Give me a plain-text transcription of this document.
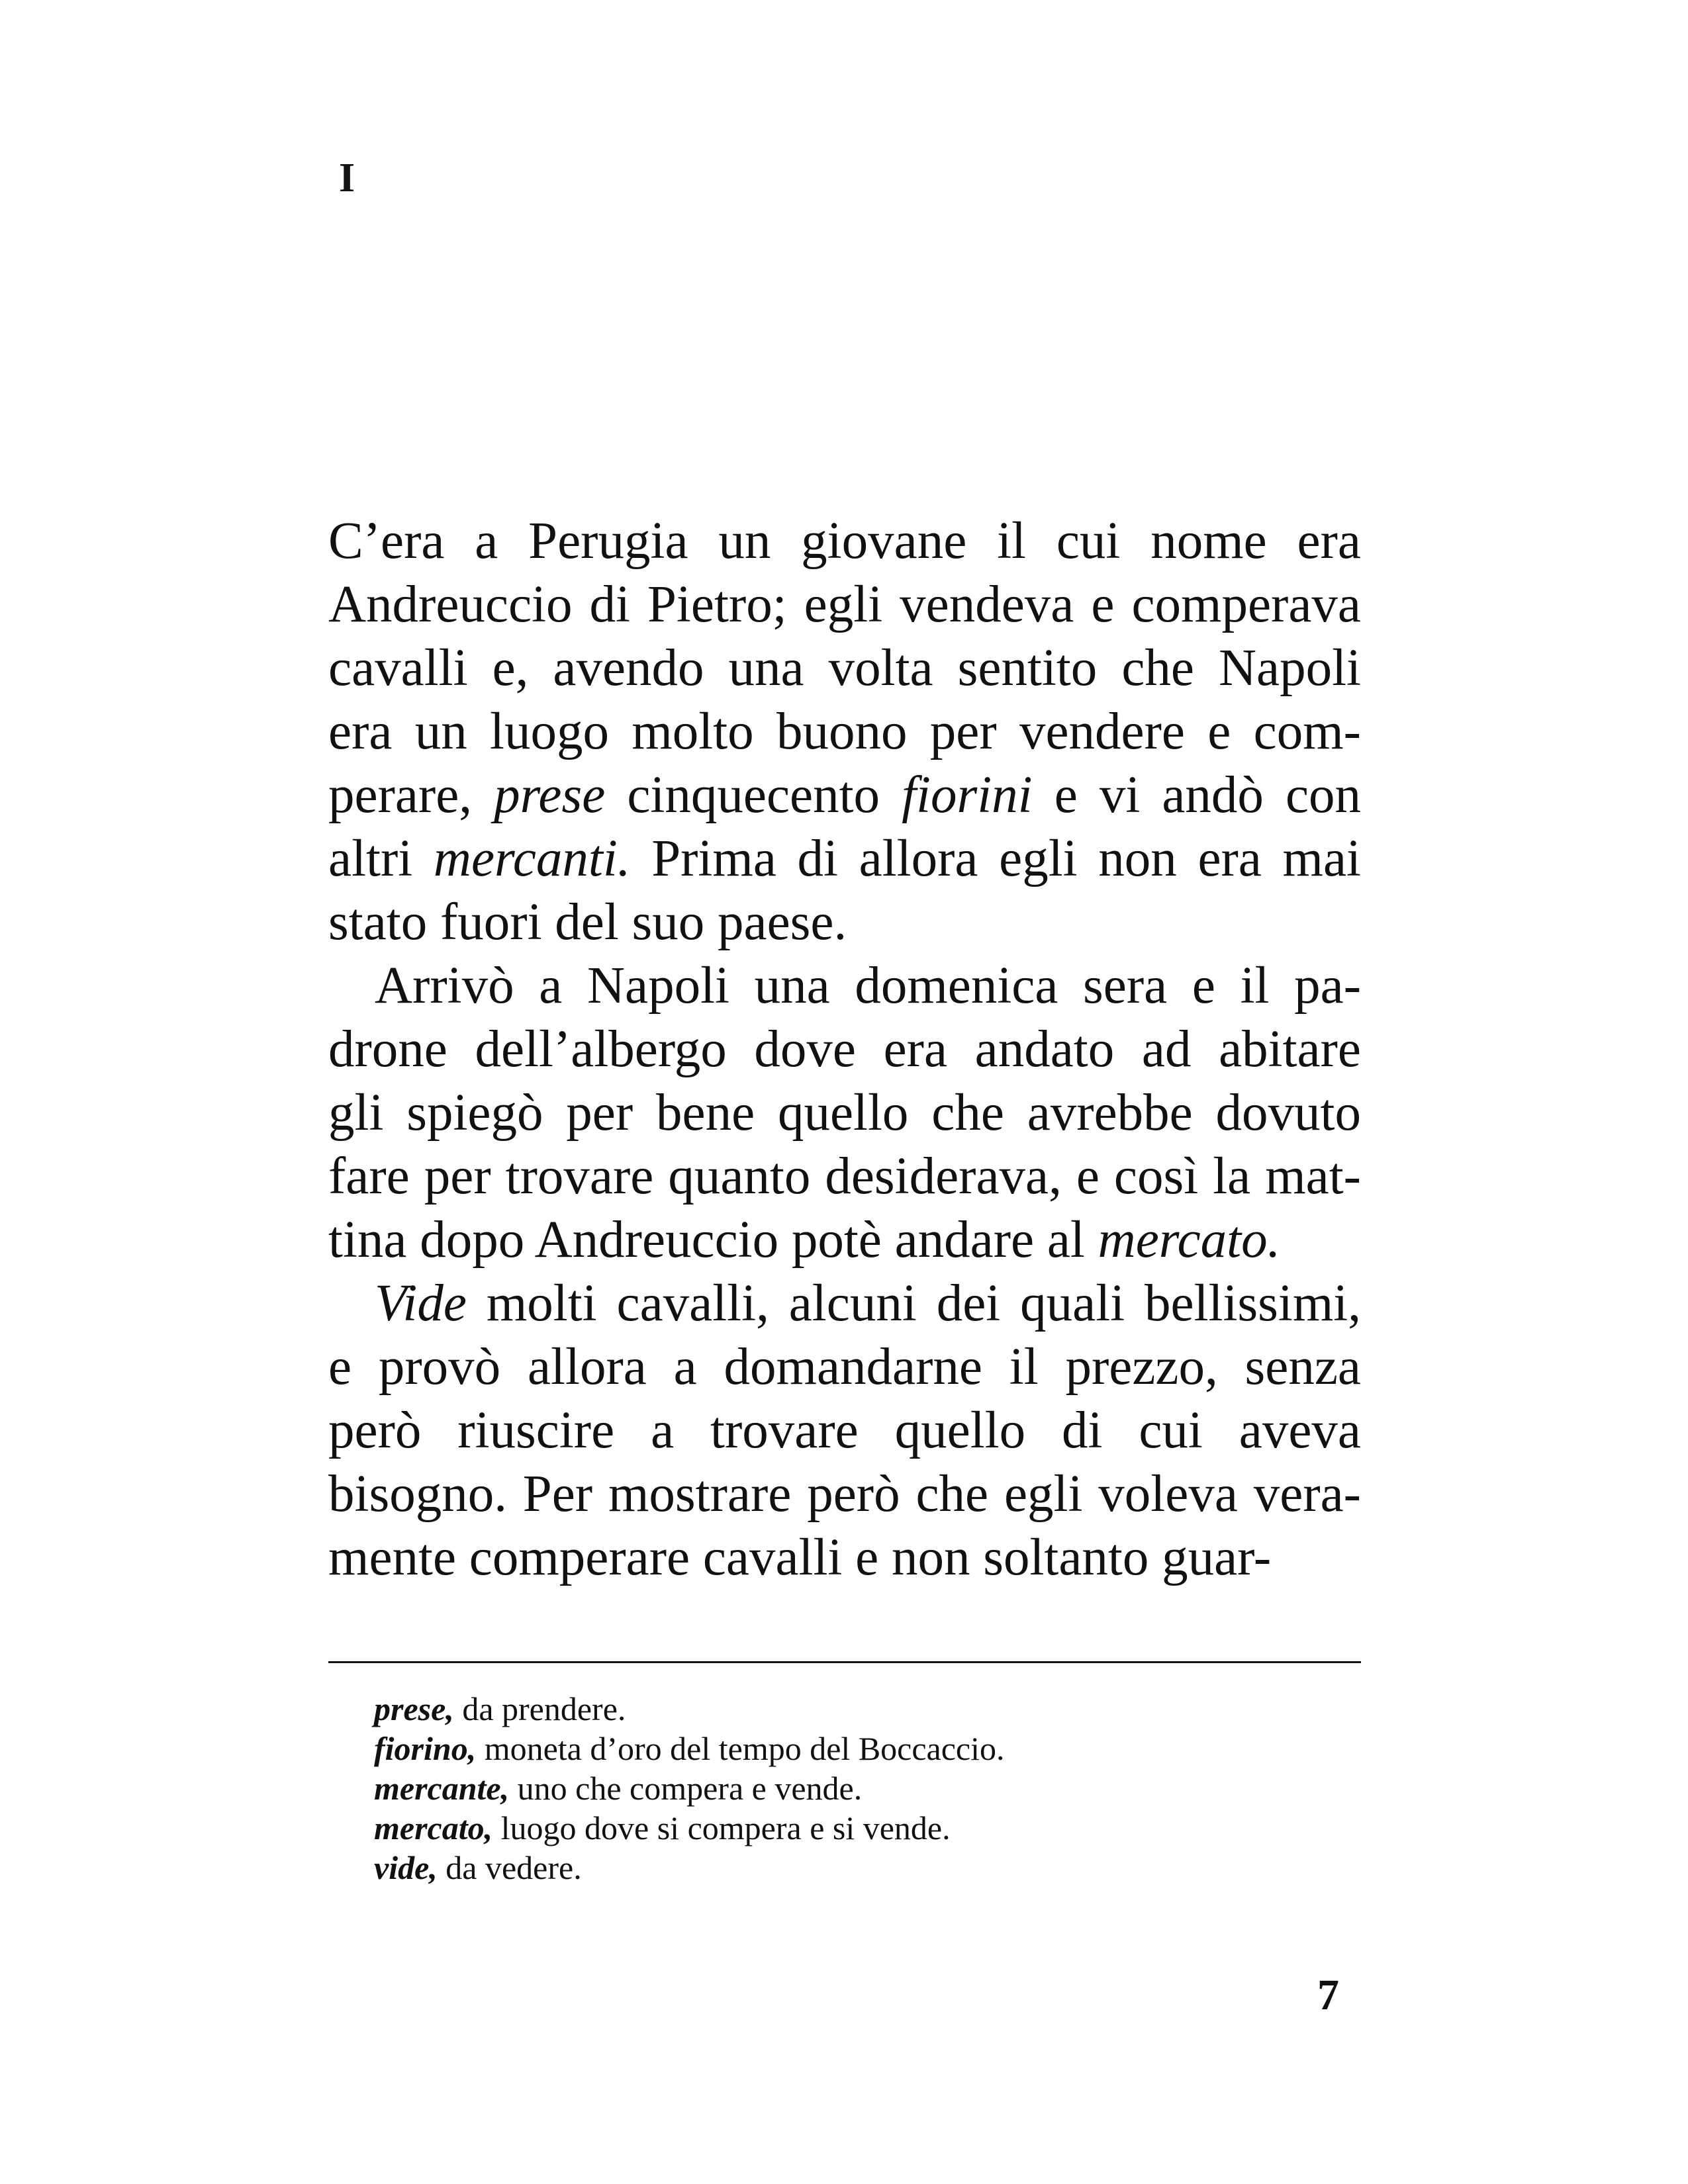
I

C’era a Perugia un giovane il cui nome era
Andreuccio di Pietro; egli vendeva e comperava
cavalli e, avendo una volta sentito che Napoli
era un luogo molto buono per vendere e com-
perare, prese cinquecento fiorini e vi andò con
altri mercanti. Prima di allora egli non era mai
stato fuori del suo paese.

Arrivò a Napoli una domenica sera e il pa-
drone dell’albergo dove era andato ad abitare
gli spiegò per bene quello che avrebbe dovuto
fare per trovare quanto desiderava, e così la mat-
tina dopo Andreuccio potè andare al mercato.

Vide molti cavalli, alcuni dei quali bellissimi,
e provò allora a domandarne il prezzo, senza
però riuscire a trovare quello di cui aveva
bisogno. Per mostrare però che egli voleva vera-
mente comperare cavalli e non soltanto guar-

prese, da prendere.
fiorino, moneta d’oro del tempo del Boccaccio.
mercante, uno che compera e vende.
mercato, luogo dove si compera e si vende.
vide, da vedere.
7
